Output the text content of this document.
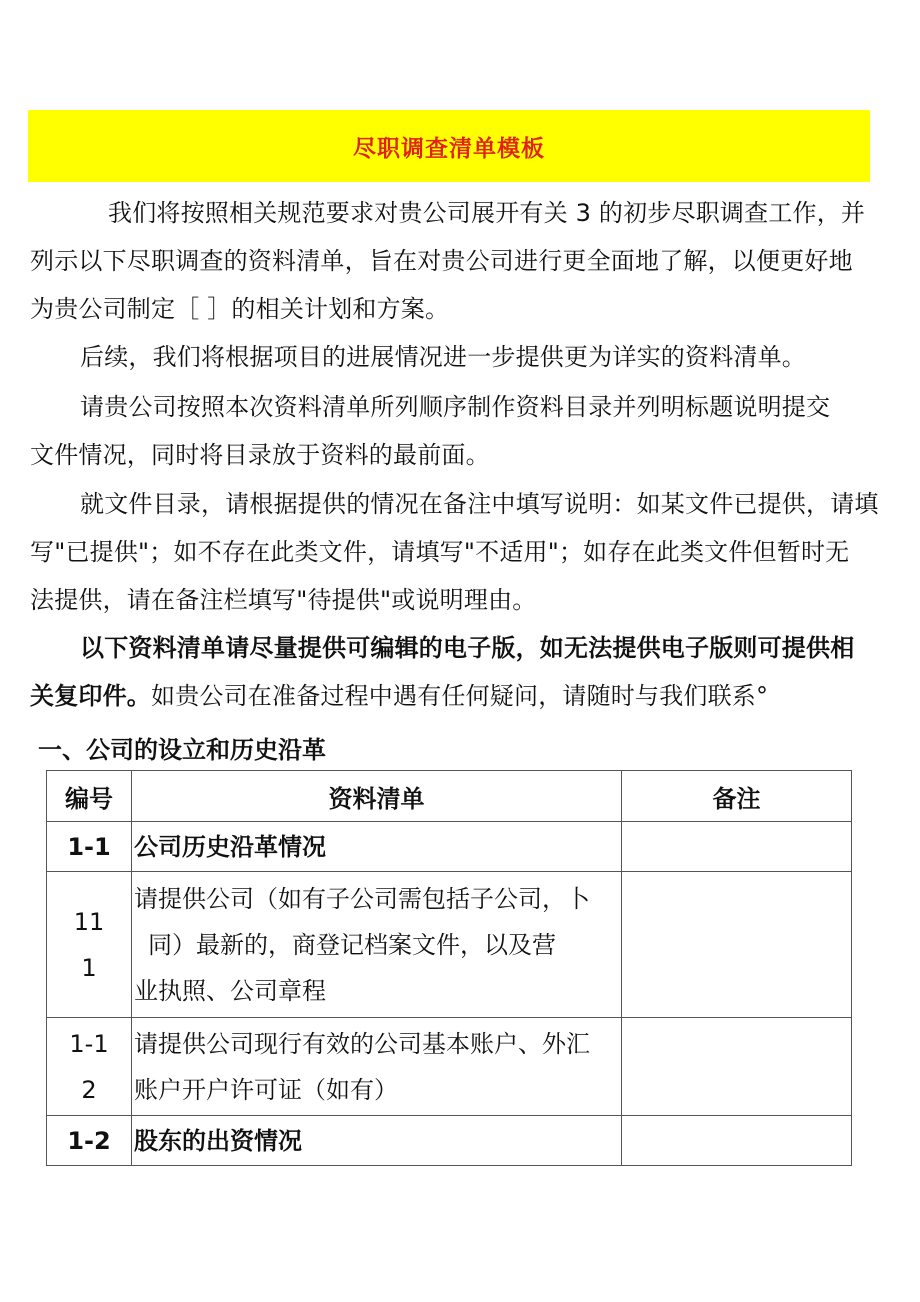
尽职调查清单模板
我们将按照相关规范要求对贵公司展开有关 3 的初步尽职调查工作，并
列示以下尽职调查的资料清单，旨在对贵公司进行更全面地了解，以便更好地
为贵公司制定［ ］的相关计划和方案。
后续，我们将根据项目的进展情况进一步提供更为详实的资料清单。
请贵公司按照本次资料清单所列顺序制作资料目录并列明标题说明提交
文件情况，同时将目录放于资料的最前面。
就文件目录，请根据提供的情况在备注中填写说明：如某文件已提供，请填
写"已提供"；如不存在此类文件，请填写"不适用"；如存在此类文件但暂时无
法提供，请在备注栏填写"待提供"或说明理由。
以下资料清单请尽量提供可编辑的电子版，如无法提供电子版则可提供相
关复印件。如贵公司在准备过程中遇有任何疑问，请随时与我们联系°
一、公司的设立和历史沿革
编号	资料清单	备注

1-1	公司历史沿革情况	

11
1	请提供公司（如有子公司需包括子公司，卜
同）最新的，商登记档案文件，以及营
业执照、公司章程	

1-1
2	请提供公司现行有效的公司基本账户、外汇
账户开户许可证（如有）	

1-2	股东的出资情况	
